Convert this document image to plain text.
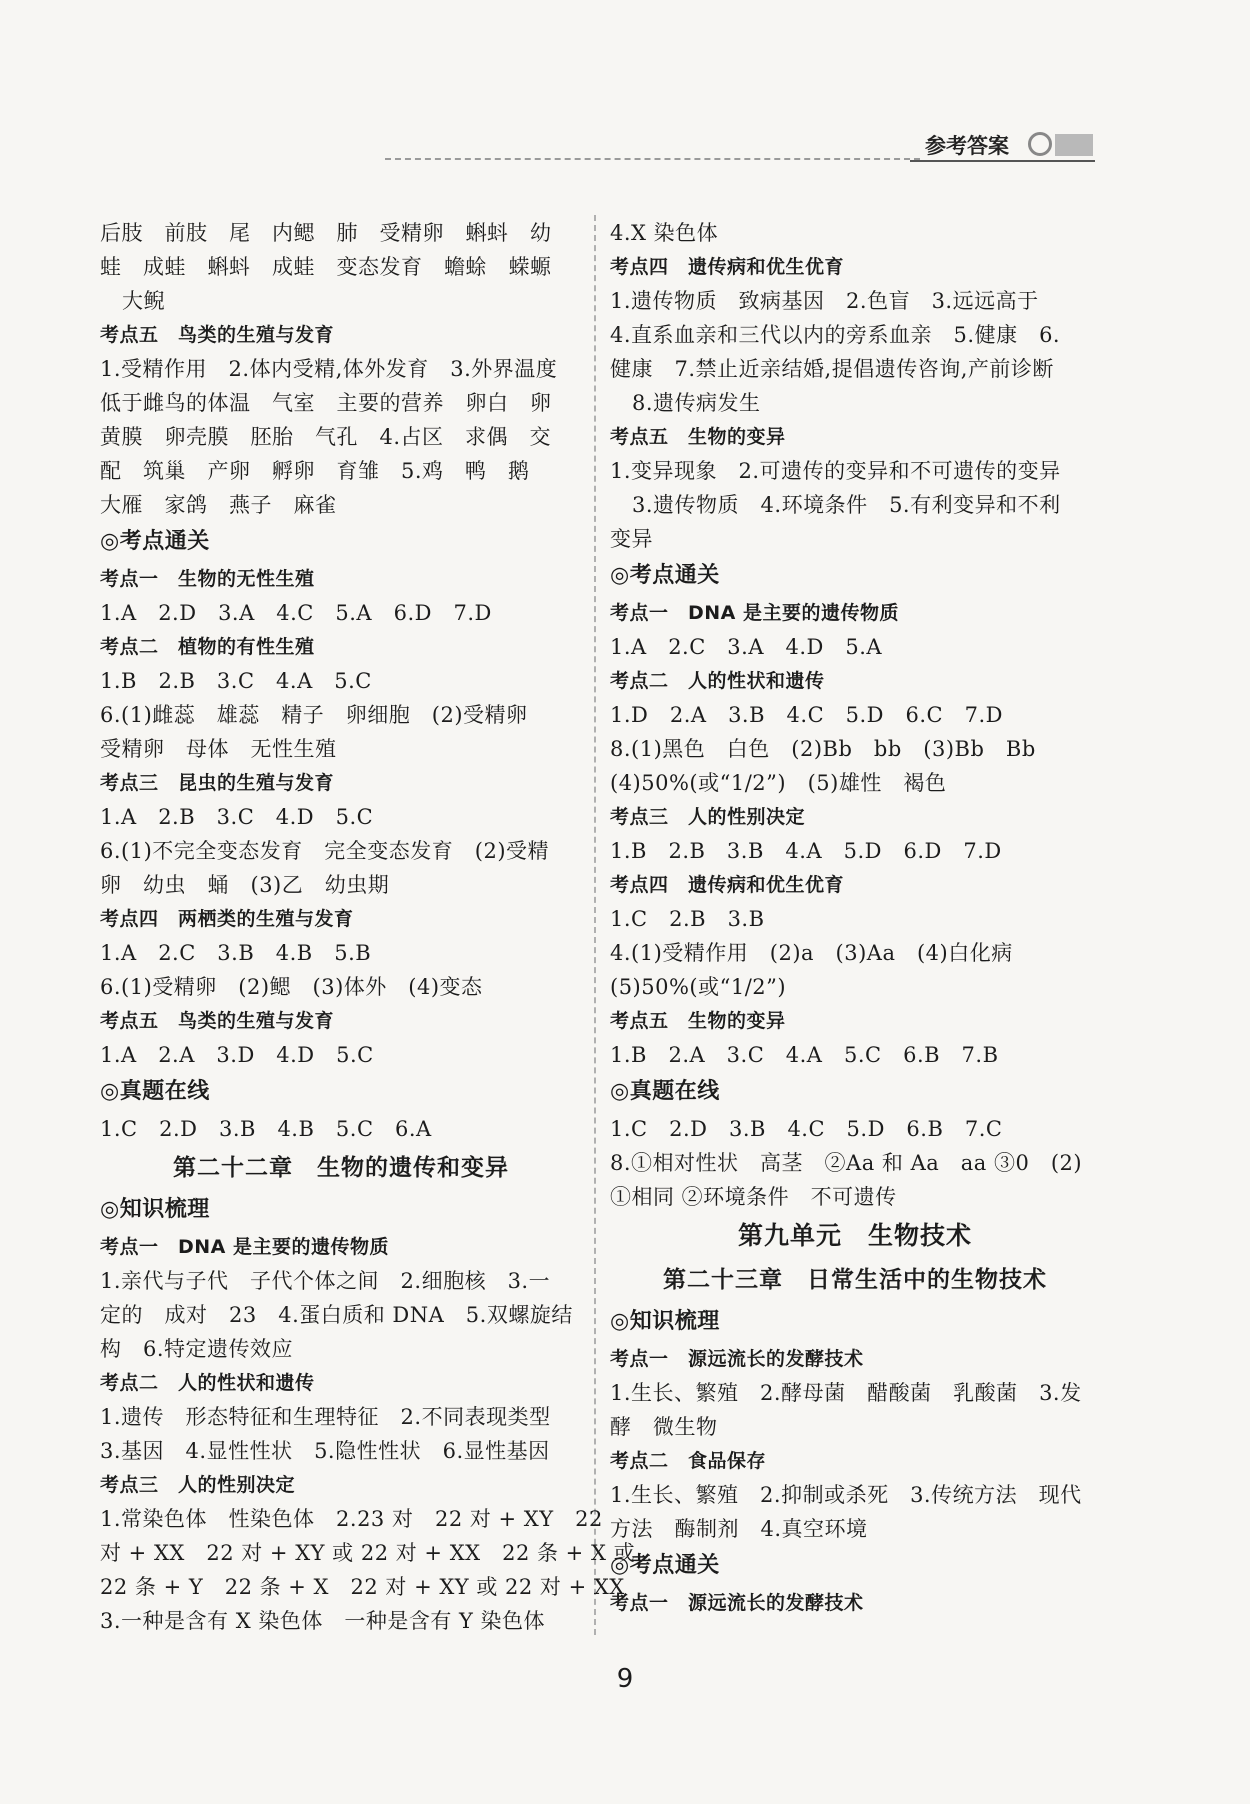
参考答案
后肢　前肢　尾　内鳃　肺　受精卵　蝌蚪　幼
蛙　成蛙　蝌蚪　成蛙　变态发育　蟾蜍　蝾螈
大鲵
考点五　鸟类的生殖与发育
1.受精作用　2.体内受精,体外发育　3.外界温度
低于雌鸟的体温　气室　主要的营养　卵白　卵
黄膜　卵壳膜　胚胎　气孔　4.占区　求偶　交
配　筑巢　产卵　孵卵　育雏　5.鸡　鸭　鹅
大雁　家鸽　燕子　麻雀
◎考点通关
考点一　生物的无性生殖
1.A　2.D　3.A　4.C　5.A　6.D　7.D
考点二　植物的有性生殖
1.B　2.B　3.C　4.A　5.C
6.(1)雌蕊　雄蕊　精子　卵细胞　(2)受精卵
受精卵　母体　无性生殖
考点三　昆虫的生殖与发育
1.A　2.B　3.C　4.D　5.C
6.(1)不完全变态发育　完全变态发育　(2)受精
卵　幼虫　蛹　(3)乙　幼虫期
考点四　两栖类的生殖与发育
1.A　2.C　3.B　4.B　5.B
6.(1)受精卵　(2)鳃　(3)体外　(4)变态
考点五　鸟类的生殖与发育
1.A　2.A　3.D　4.D　5.C
◎真题在线
1.C　2.D　3.B　4.B　5.C　6.A
第二十二章　生物的遗传和变异
◎知识梳理
考点一　DNA 是主要的遗传物质
1.亲代与子代　子代个体之间　2.细胞核　3.一
定的　成对　23　4.蛋白质和 DNA　5.双螺旋结
构　6.特定遗传效应
考点二　人的性状和遗传
1.遗传　形态特征和生理特征　2.不同表现类型
3.基因　4.显性性状　5.隐性性状　6.显性基因
考点三　人的性别决定
1.常染色体　性染色体　2.23 对　22 对 + XY　22
对 + XX　22 对 + XY 或 22 对 + XX　22 条 + X 或
22 条 + Y　22 条 + X　22 对 + XY 或 22 对 + XX
3.一种是含有 X 染色体　一种是含有 Y 染色体
4.X 染色体
考点四　遗传病和优生优育
1.遗传物质　致病基因　2.色盲　3.远远高于
4.直系血亲和三代以内的旁系血亲　5.健康　6.
健康　7.禁止近亲结婚,提倡遗传咨询,产前诊断
8.遗传病发生
考点五　生物的变异
1.变异现象　2.可遗传的变异和不可遗传的变异
3.遗传物质　4.环境条件　5.有利变异和不利
变异
◎考点通关
考点一　DNA 是主要的遗传物质
1.A　2.C　3.A　4.D　5.A
考点二　人的性状和遗传
1.D　2.A　3.B　4.C　5.D　6.C　7.D
8.(1)黑色　白色　(2)Bb　bb　(3)Bb　Bb
(4)50%(或“1/2”)　(5)雄性　褐色
考点三　人的性别决定
1.B　2.B　3.B　4.A　5.D　6.D　7.D
考点四　遗传病和优生优育
1.C　2.B　3.B
4.(1)受精作用　(2)a　(3)Aa　(4)白化病
(5)50%(或“1/2”)
考点五　生物的变异
1.B　2.A　3.C　4.A　5.C　6.B　7.B
◎真题在线
1.C　2.D　3.B　4.C　5.D　6.B　7.C
8.①相对性状　高茎　②Aa 和 Aa　aa ③0　(2)
①相同 ②环境条件　不可遗传
第九单元　生物技术
第二十三章　日常生活中的生物技术
◎知识梳理
考点一　源远流长的发酵技术
1.生长、繁殖　2.酵母菌　醋酸菌　乳酸菌　3.发
酵　微生物
考点二　食品保存
1.生长、繁殖　2.抑制或杀死　3.传统方法　现代
方法　酶制剂　4.真空环境
◎考点通关
考点一　源远流长的发酵技术
9
